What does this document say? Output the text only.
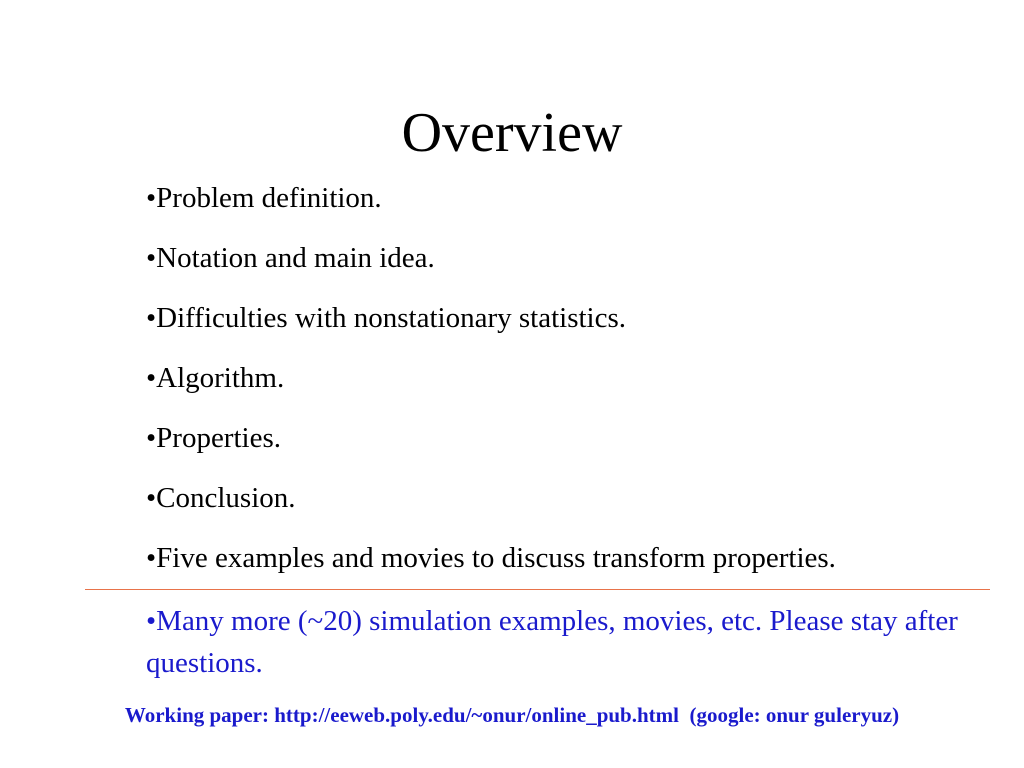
Overview
•Problem definition.
•Notation and main idea.
•Difficulties with nonstationary statistics.
•Algorithm.
•Properties.
•Conclusion.
•Five examples and movies to discuss transform properties.
•Many more (~20) simulation examples, movies, etc. Please stay after questions.
Working paper: http://eeweb.poly.edu/~onur/online_pub.html  (google: onur guleryuz)
